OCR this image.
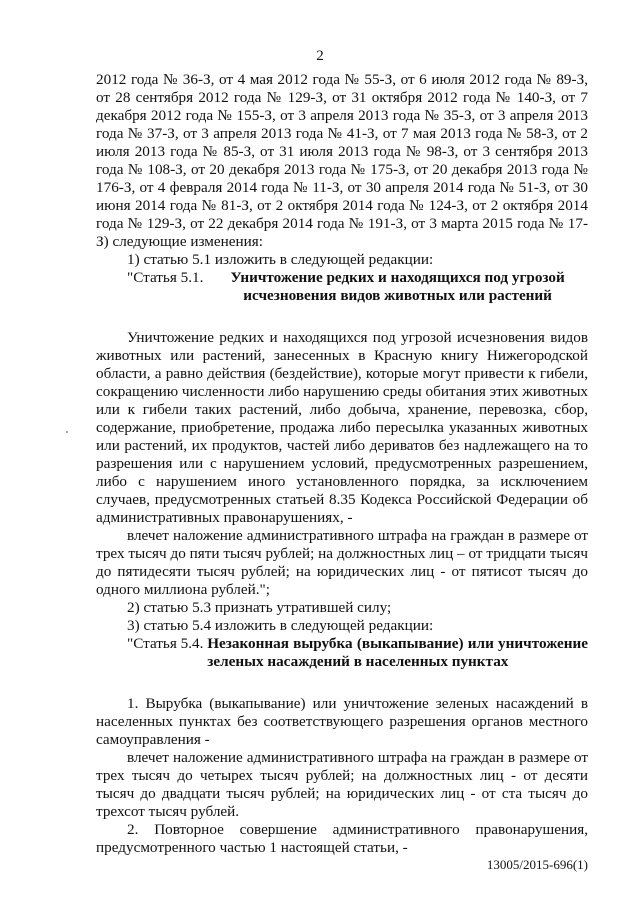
2

2012 года № 36-З, от 4 мая 2012 года № 55-З, от 6 июля 2012 года № 89-З, от 28 сентября 2012 года № 129-З, от 31 октября 2012 года № 140-З, от 7 декабря 2012 года № 155-З, от 3 апреля 2013 года № 35-З, от 3 апреля 2013 года № 37-З, от 3 апреля 2013 года № 41-З, от 7 мая 2013 года № 58-З, от 2 июля 2013 года № 85-З, от 31 июля 2013 года № 98-З, от 3 сентября 2013 года № 108-З, от 20 декабря 2013 года № 175-З, от 20 декабря 2013 года № 176-З, от 4 февраля 2014 года № 11-З, от 30 апреля 2014 года № 51-З, от 30 июня 2014 года № 81-З, от 2 октября 2014 года № 124-З, от 2 октября 2014 года № 129-З, от 22 декабря 2014 года № 191-З, от 3 марта 2015 года № 17-З) следующие изменения:

1) статью 5.1 изложить в следующей редакции:

"Статья 5.1.	Уничтожение редких и находящихся под угрозой исчезновения видов животных или растений

Уничтожение редких и находящихся под угрозой исчезновения видов животных или растений, занесенных в Красную книгу Нижегородской области, а равно действия (бездействие), которые могут привести к гибели, сокращению численности либо нарушению среды обитания этих животных или к гибели таких растений, либо добыча, хранение, перевозка, сбор, содержание, приобретение, продажа либо пересылка указанных животных или растений, их продуктов, частей либо дериватов без надлежащего на то разрешения или с нарушением условий, предусмотренных разрешением, либо с нарушением иного установленного порядка, за исключением случаев, предусмотренных статьей 8.35 Кодекса Российской Федерации об административных правонарушениях, -

влечет наложение административного штрафа на граждан в размере от трех тысяч до пяти тысяч рублей; на должностных лиц – от тридцати тысяч до пятидесяти тысяч рублей; на юридических лиц - от пятисот тысяч до одного миллиона рублей.";

2) статью 5.3 признать утратившей силу;

3) статью 5.4 изложить в следующей редакции:

"Статья 5.4. Незаконная вырубка (выкапывание) или уничтожение зеленых насаждений в населенных пунктах

1. Вырубка (выкапывание) или уничтожение зеленых насаждений в населенных пунктах без соответствующего разрешения органов местного самоуправления -

влечет наложение административного штрафа на граждан в размере от трех тысяч до четырех тысяч рублей; на должностных лиц - от десяти тысяч до двадцати тысяч рублей; на юридических лиц - от ста тысяч до трехсот тысяч рублей.

2. Повторное совершение административного правонарушения, предусмотренного частью 1 настоящей статьи, -

13005/2015-696(1)
